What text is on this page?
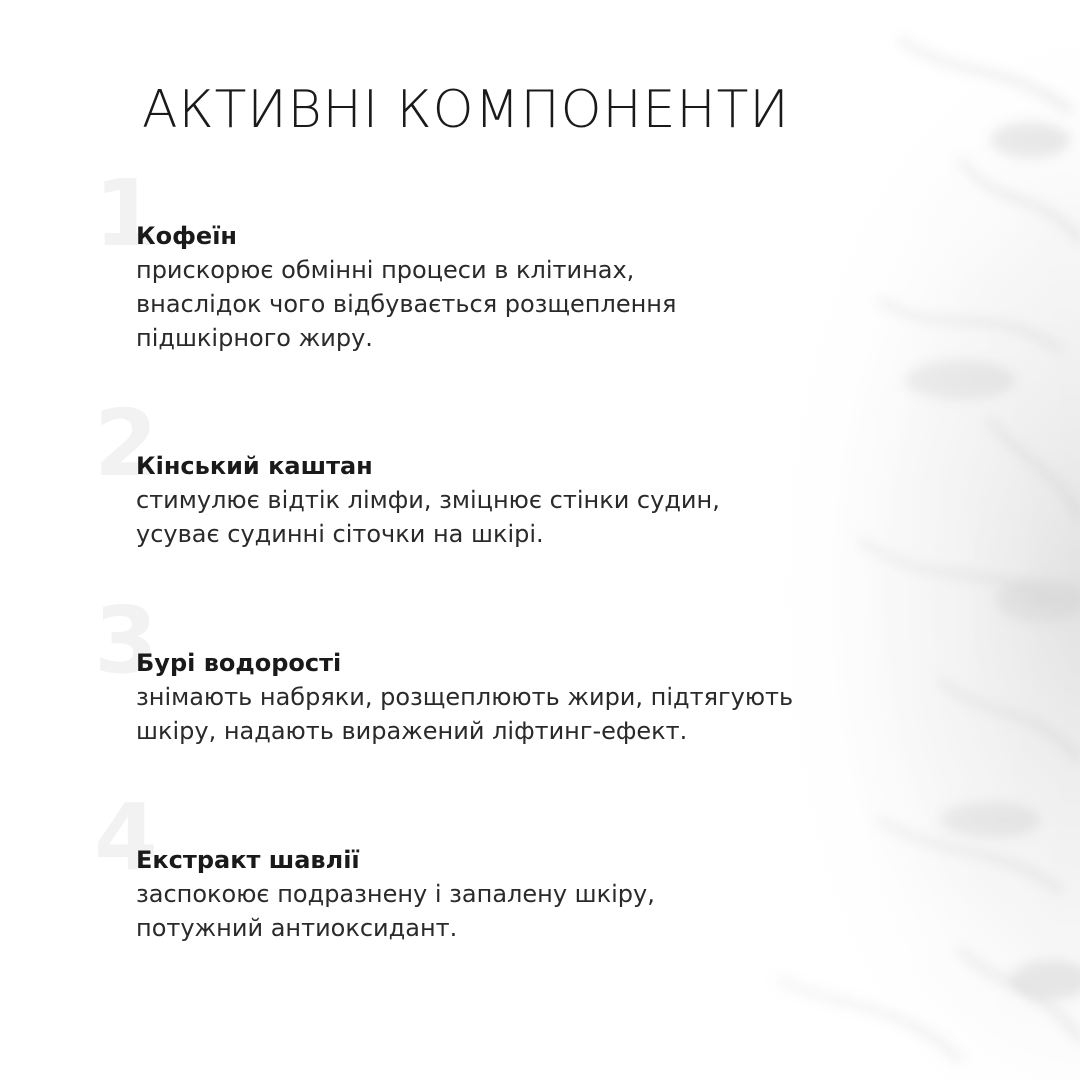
АКТИВНІ КОМПОНЕНТИ
1

Кофеїн

прискорює обмінні процеси в клітинах,
внаслідок чого відбувається розщеплення
підшкірного жиру.

2

Кінський каштан

стимулює відтік лімфи, зміцнює стінки судин,
усуває судинні сіточки на шкірі.

3

Бурі водорості

знімають набряки, розщеплюють жири, підтягують
шкіру, надають виражений ліфтинг-ефект.

4

Екстракт шавлії

заспокоює подразнену і запалену шкіру,
потужний антиоксидант.
